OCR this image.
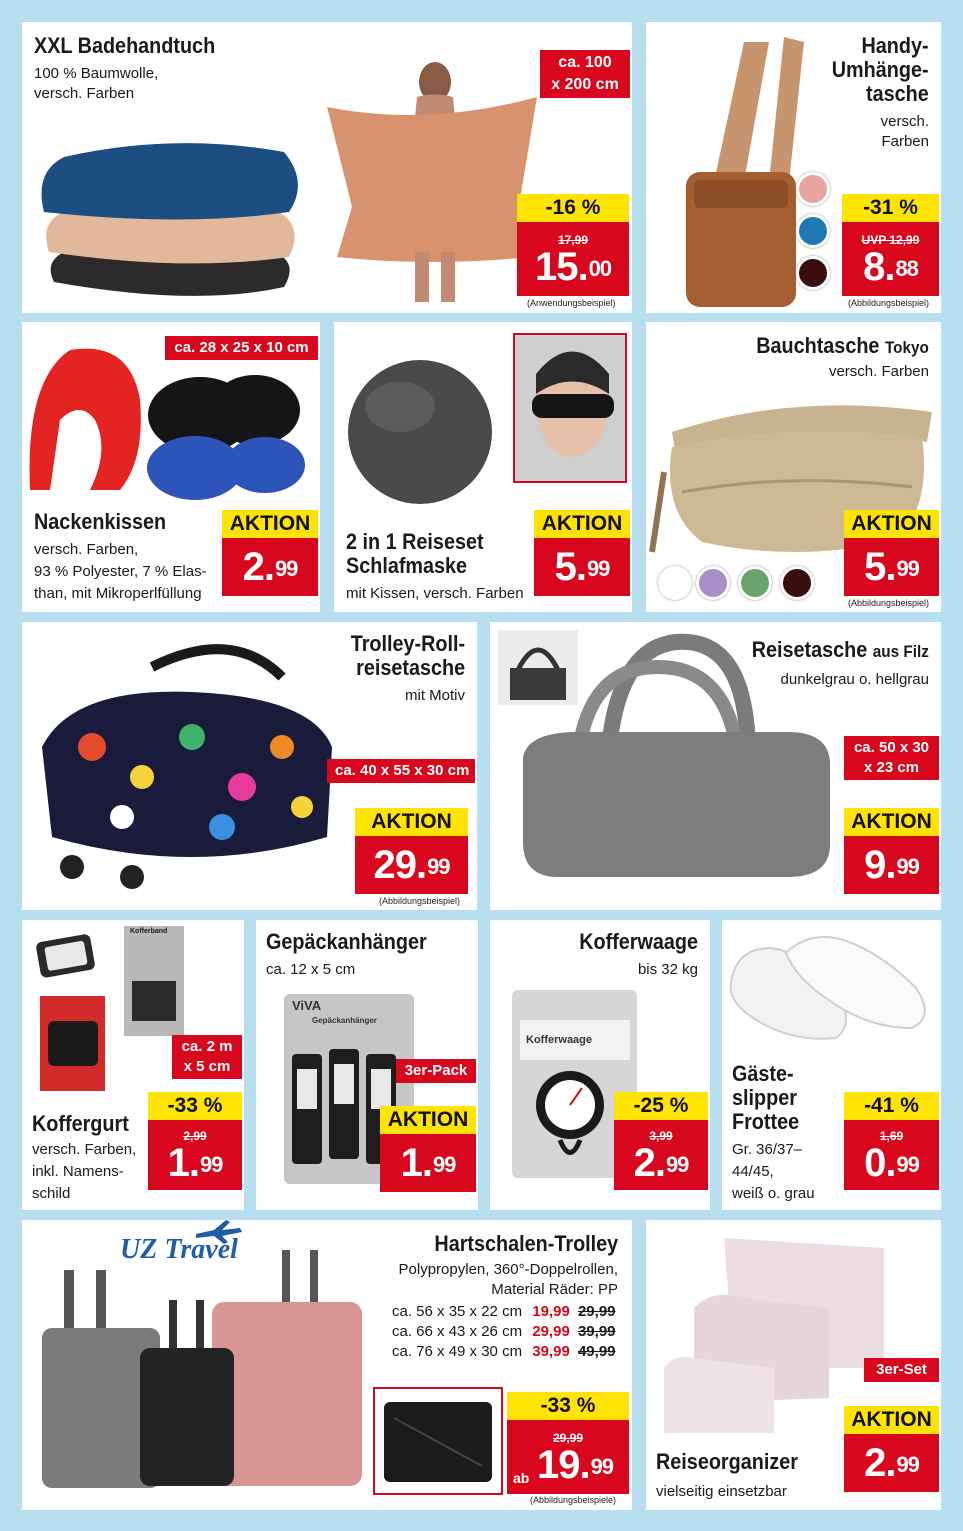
XXL Badehandtuch
100 % Baumwolle,
versch. Farben
ca. 100
x 200 cm
-16 %
17,99
15.00
(Anwendungsbeispiel)
Handy-
Umhänge-
tasche
versch.
Farben
-31 %
UVP 12,99
8.88
(Abbildungsbeispiel)
ca. 28 x 25 x 10 cm
Nackenkissen
versch. Farben,
93 % Polyester, 7 % Elas-
than, mit Mikroperlfüllung
AKTION
2.99
2 in 1 Reiseset
Schlafmaske
mit Kissen, versch. Farben
AKTION
5.99
Bauchtasche Tokyo
versch. Farben
AKTION
5.99
(Abbildungsbeispiel)
Trolley-Roll-
reisetasche
mit Motiv
ca. 40 x 55 x 30 cm
AKTION
29.99
(Abbildungsbeispiel)
Reisetasche aus Filz
dunkelgrau o. hellgrau
ca. 50 x 30
x 23 cm
AKTION
9.99
Kofferband
ca. 2 m
x 5 cm
Koffergurt
versch. Farben,
inkl. Namens-
schild
-33 %
2,99
1.99
Gepäckanhänger
ca. 12 x 5 cm
ViVA
Gepäckanhänger
3er-Pack
AKTION
1.99
Kofferwaage
bis 32 kg
Kofferwaage
-25 %
3,99
2.99
Gäste-
slipper
Frottee
Gr. 36/37–
44/45,
weiß o. grau
-41 %
1,69
0.99
UZ Travel	Hartschalen-Trolley
Polypropylen, 360°-Doppelrollen,
Material Räder: PP
ca. 56 x 35 x 22 cm 19,99 29,99
ca. 66 x 43 x 26 cm 29,99 39,99
ca. 76 x 49 x 30 cm 39,99 49,99
-33 %
29,99
19.99
ab
(Abbildungsbeispiele)
3er-Set
Reiseorganizer
vielseitig einsetzbar
AKTION
2.99
